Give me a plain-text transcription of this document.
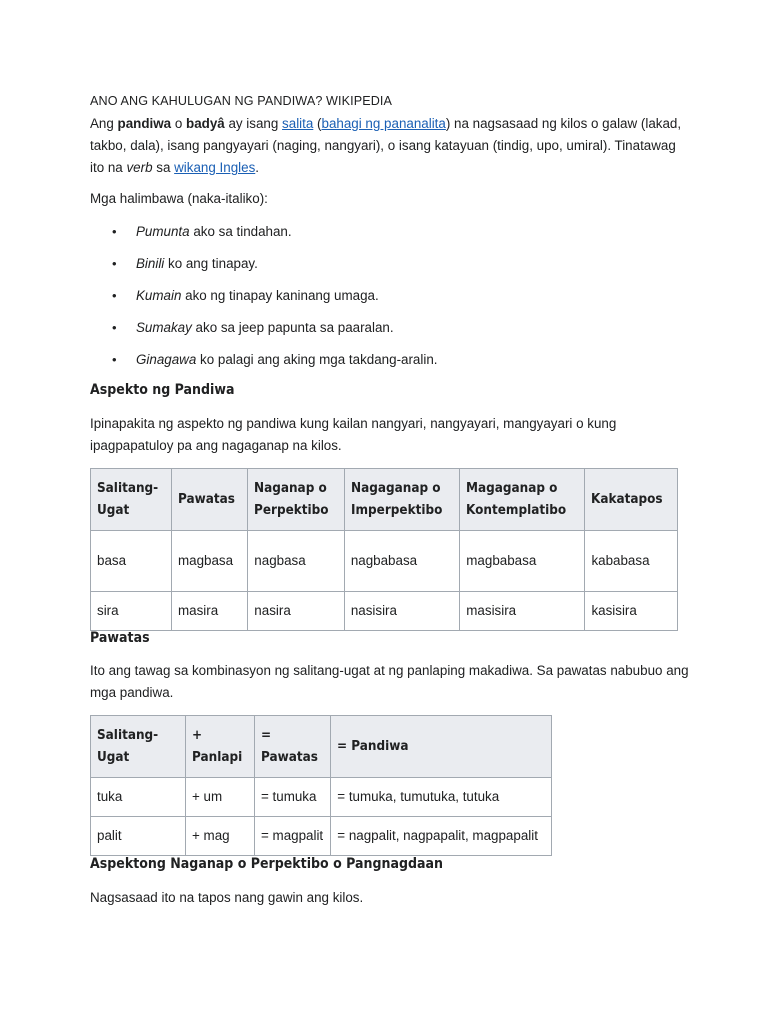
ANO ANG KAHULUGAN NG PANDIWA? WIKIPEDIA
Ang pandiwa o badyâ ay isang salita (bahagi ng pananalita) na nagsasaad ng kilos o galaw (lakad, takbo, dala), isang pangyayari (naging, nangyari), o isang katayuan (tindig, upo, umiral). Tinatawag ito na verb sa wikang Ingles.
Mga halimbawa (naka-italiko):
• Pumunta ako sa tindahan.
• Binili ko ang tinapay.
• Kumain ako ng tinapay kaninang umaga.
• Sumakay ako sa jeep papunta sa paaralan.
• Ginagawa ko palagi ang aking mga takdang-aralin.
Aspekto ng Pandiwa
Ipinapakita ng aspekto ng pandiwa kung kailan nangyari, nangyayari, mangyayari o kung ipagpapatuloy pa ang nagaganap na kilos.
Salitang-Ugat	Pawatas	Naganap o Perpektibo	Nagaganap o Imperpektibo	Magaganap o Kontemplatibo	Kakatapos
basa	magbasa	nagbasa	nagbabasa	magbabasa	kababasa
sira	masira	nasira	nasisira	masisira	kasisira
Pawatas
Ito ang tawag sa kombinasyon ng salitang-ugat at ng panlaping makadiwa. Sa pawatas nabubuo ang mga pandiwa.
Salitang-Ugat	+ Panlapi	= Pawatas	= Pandiwa
tuka	+ um	= tumuka	= tumuka, tumutuka, tutuka
palit	+ mag	= magpalit	= nagpalit, nagpapalit, magpapalit
Aspektong Naganap o Perpektibo o Pangnagdaan
Nagsasaad ito na tapos nang gawin ang kilos.
